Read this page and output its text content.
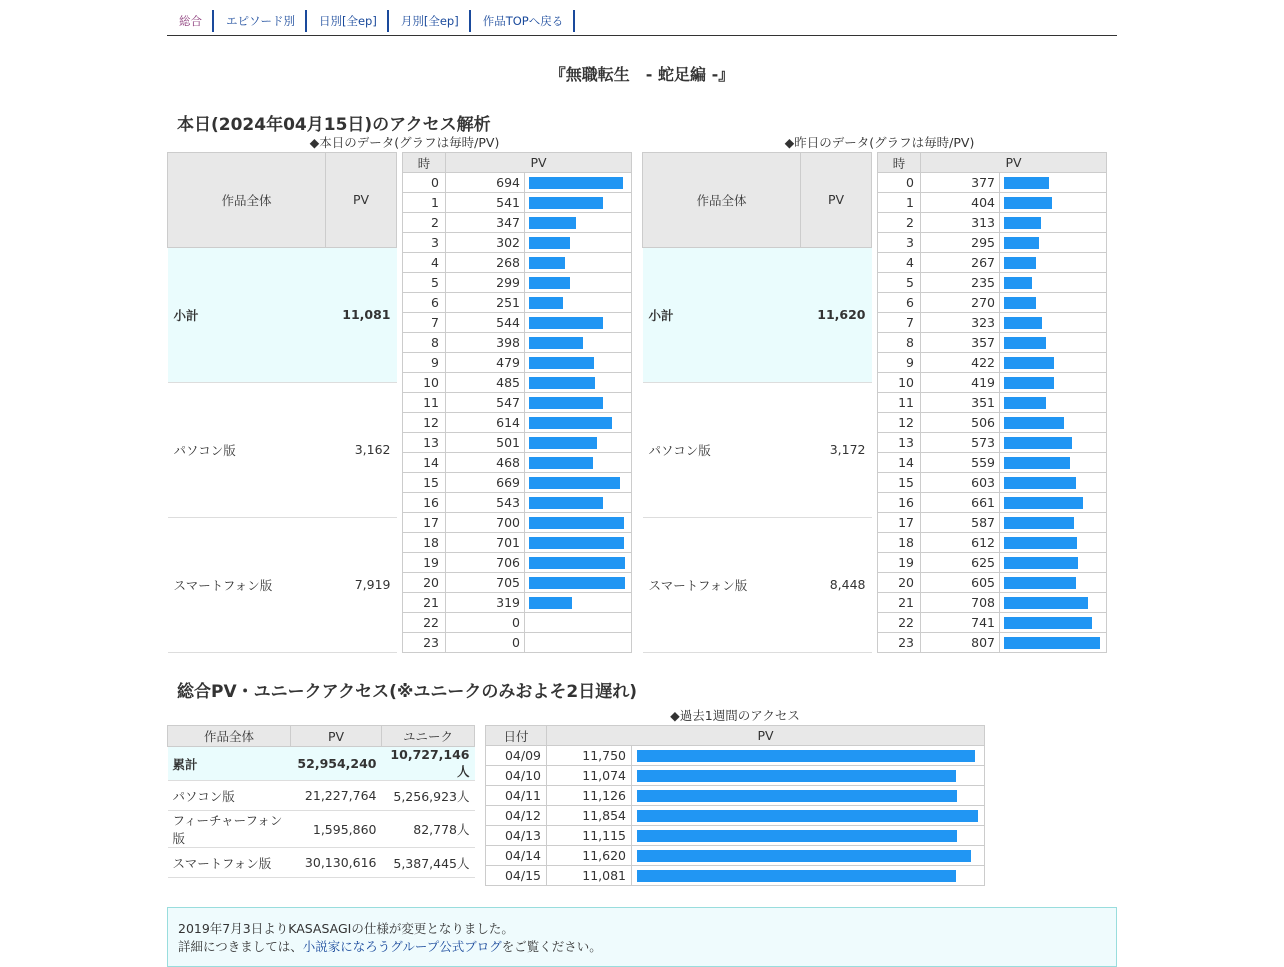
総合	エピソード別	日別[全ep]	月別[全ep]	作品TOPへ戻る
『無職転生　- 蛇足編 -』
本日(2024年04月15日)のアクセス解析
◆本日のデータ(グラフは毎時/PV)
作品全体	PV
小計	11,081
パソコン版	3,162
スマートフォン版	7,919
時	PV	
0	694	

1	541	

2	347	

3	302	

4	268	

5	299	

6	251	

7	544	

8	398	

9	479	

10	485	

11	547	

12	614	

13	501	

14	468	

15	669	

16	543	

17	700	

18	701	

19	706	

20	705	

21	319	

22	0	
23	0	
◆昨日のデータ(グラフは毎時/PV)
作品全体	PV
小計	11,620
パソコン版	3,172
スマートフォン版	8,448
時	PV	
0	377	

1	404	

2	313	

3	295	

4	267	

5	235	

6	270	

7	323	

8	357	

9	422	

10	419	

11	351	

12	506	

13	573	

14	559	

15	603	

16	661	

17	587	

18	612	

19	625	

20	605	

21	708	

22	741	

23	807	
総合PV・ユニークアクセス(※ユニークのみおよそ2日遅れ)
作品全体	PV	ユニーク
累計	52,954,240	10,727,146人
パソコン版	21,227,764	5,256,923人
フィーチャーフォン版	1,595,860	82,778人
スマートフォン版	30,130,616	5,387,445人
◆過去1週間のアクセス
日付	PV	
04/09	11,750	

04/10	11,074	

04/11	11,126	

04/12	11,854	

04/13	11,115	

04/14	11,620	

04/15	11,081	
2019年7月3日よりKASASAGIの仕様が変更となりました。
詳細につきましては、小説家になろうグループ公式ブログをご覧ください。
